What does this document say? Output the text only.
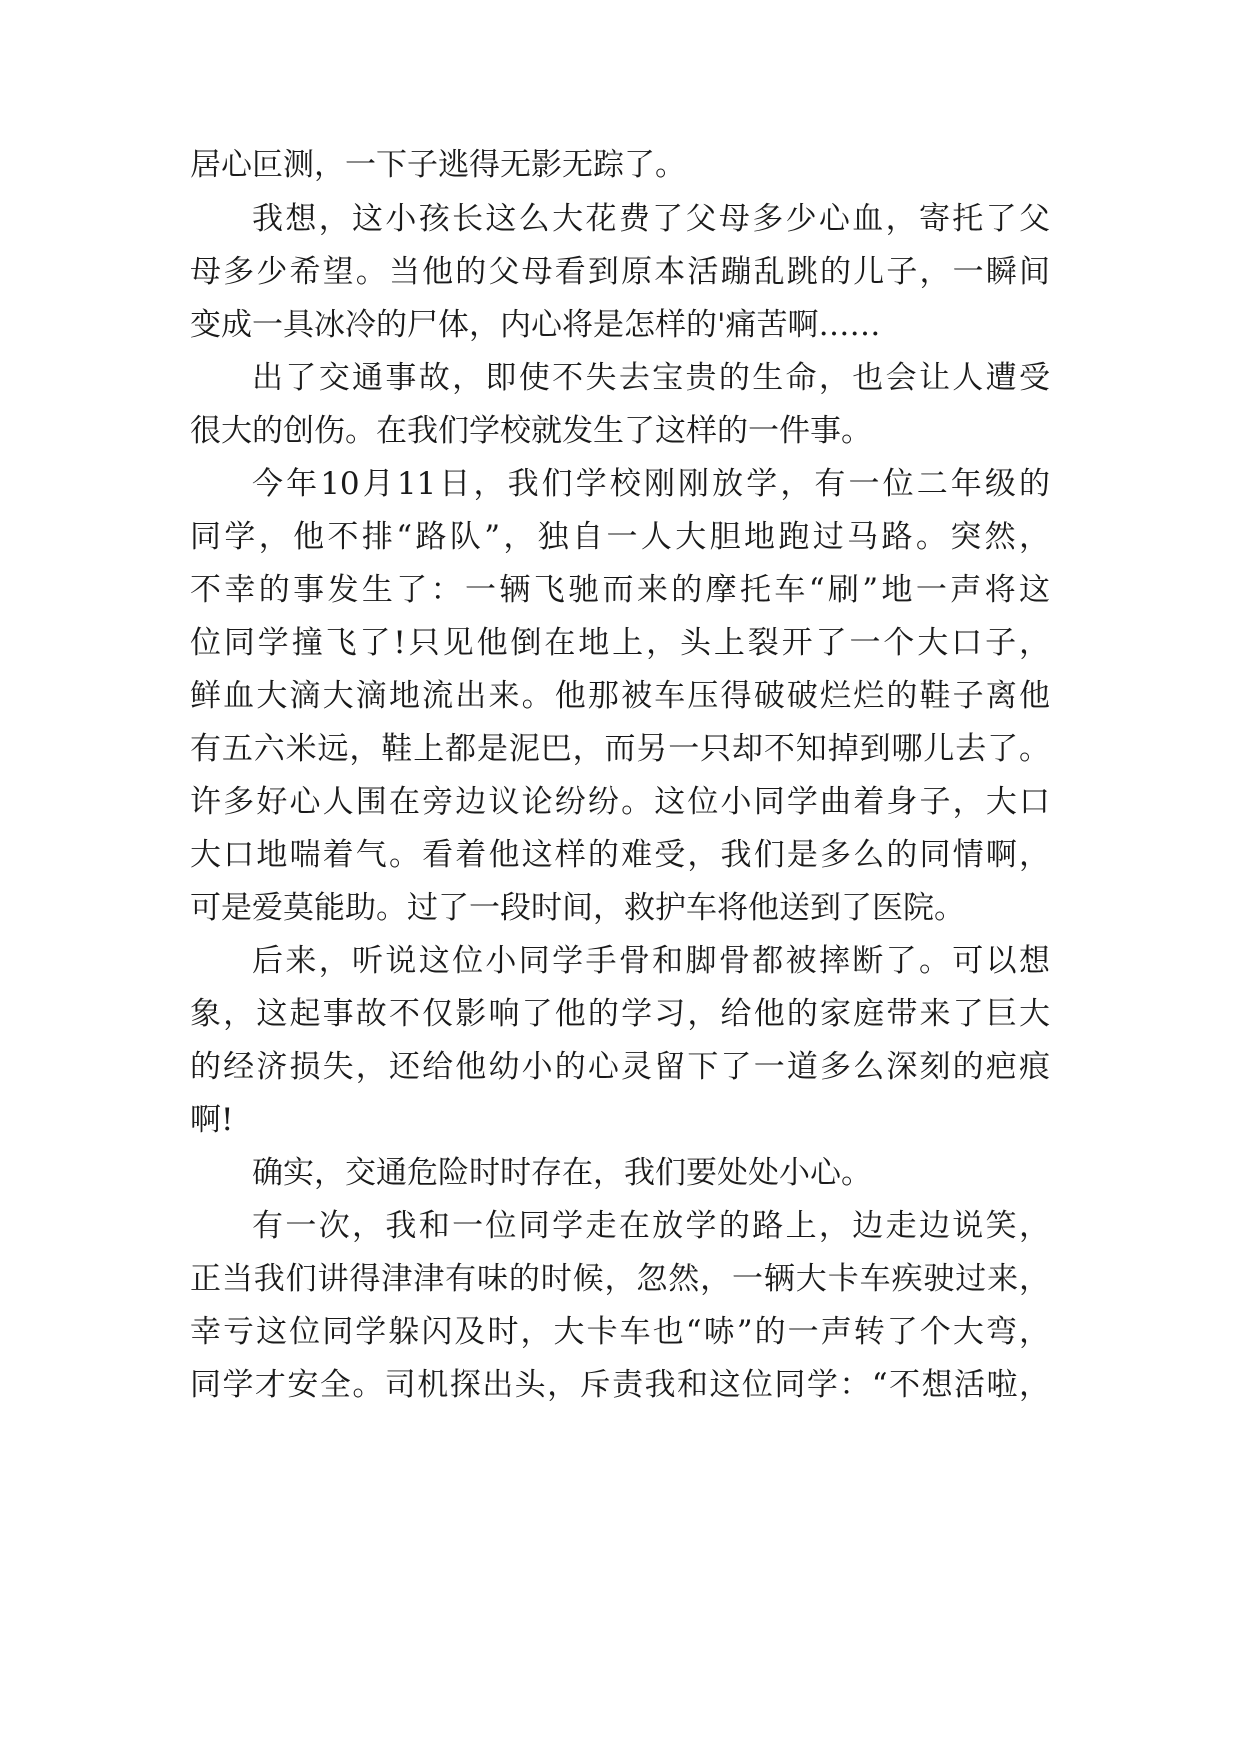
居心叵测，一下子逃得无影无踪了。
我想，这小孩长这么大花费了父母多少心血，寄托了父
母多少希望。当他的父母看到原本活蹦乱跳的儿子，一瞬间
变成一具冰冷的尸体，内心将是怎样的'痛苦啊……
出了交通事故，即使不失去宝贵的生命，也会让人遭受
很大的创伤。在我们学校就发生了这样的一件事。
今年10月11日，我们学校刚刚放学，有一位二年级的
同学，他不排“路队”，独自一人大胆地跑过马路。突然，
不幸的事发生了：一辆飞驰而来的摩托车“刷”地一声将这
位同学撞飞了!只见他倒在地上，头上裂开了一个大口子，
鲜血大滴大滴地流出来。他那被车压得破破烂烂的鞋子离他
有五六米远，鞋上都是泥巴，而另一只却不知掉到哪儿去了。
许多好心人围在旁边议论纷纷。这位小同学曲着身子，大口
大口地喘着气。看着他这样的难受，我们是多么的同情啊，
可是爱莫能助。过了一段时间，救护车将他送到了医院。
后来，听说这位小同学手骨和脚骨都被摔断了。可以想
象，这起事故不仅影响了他的学习，给他的家庭带来了巨大
的经济损失，还给他幼小的心灵留下了一道多么深刻的疤痕
啊!
确实，交通危险时时存在，我们要处处小心。
有一次，我和一位同学走在放学的路上，边走边说笑，
正当我们讲得津津有味的时候，忽然，一辆大卡车疾驶过来，
幸亏这位同学躲闪及时，大卡车也“哧”的一声转了个大弯，
同学才安全。司机探出头，斥责我和这位同学：“不想活啦，
